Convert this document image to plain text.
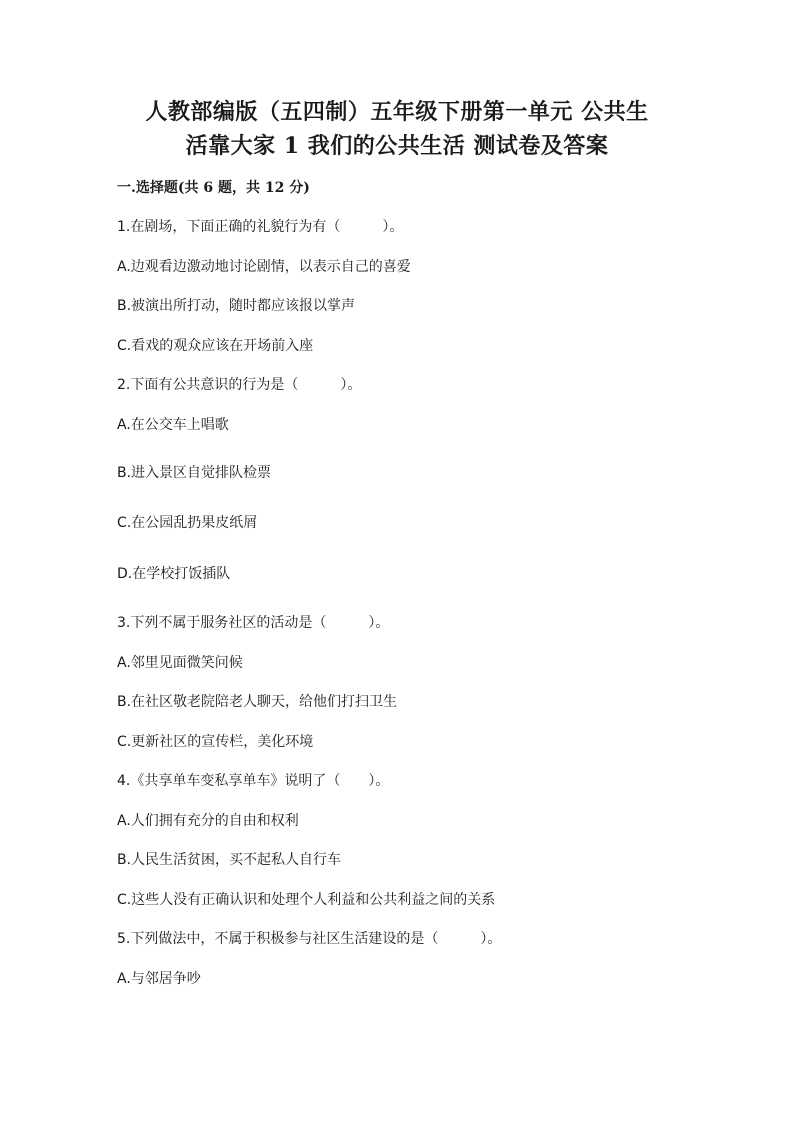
人教部编版（五四制）五年级下册第一单元 公共生
活靠大家 1 我们的公共生活 测试卷及答案
一.选择题(共 6 题，共 12 分)
1.在剧场，下面正确的礼貌行为有（　　　）。
A.边观看边激动地讨论剧情，以表示自己的喜爱
B.被演出所打动，随时都应该报以掌声
C.看戏的观众应该在开场前入座
2.下面有公共意识的行为是（　　　）。
A.在公交车上唱歌
B.进入景区自觉排队检票
C.在公园乱扔果皮纸屑
D.在学校打饭插队
3.下列不属于服务社区的活动是（　　　）。
A.邻里见面微笑问候
B.在社区敬老院陪老人聊天，给他们打扫卫生
C.更新社区的宣传栏，美化环境
4.《共享单车变私享单车》说明了（　　）。
A.人们拥有充分的自由和权利
B.人民生活贫困，买不起私人自行车
C.这些人没有正确认识和处理个人利益和公共利益之间的关系
5.下列做法中，不属于积极参与社区生活建设的是（　　　）。
A.与邻居争吵
